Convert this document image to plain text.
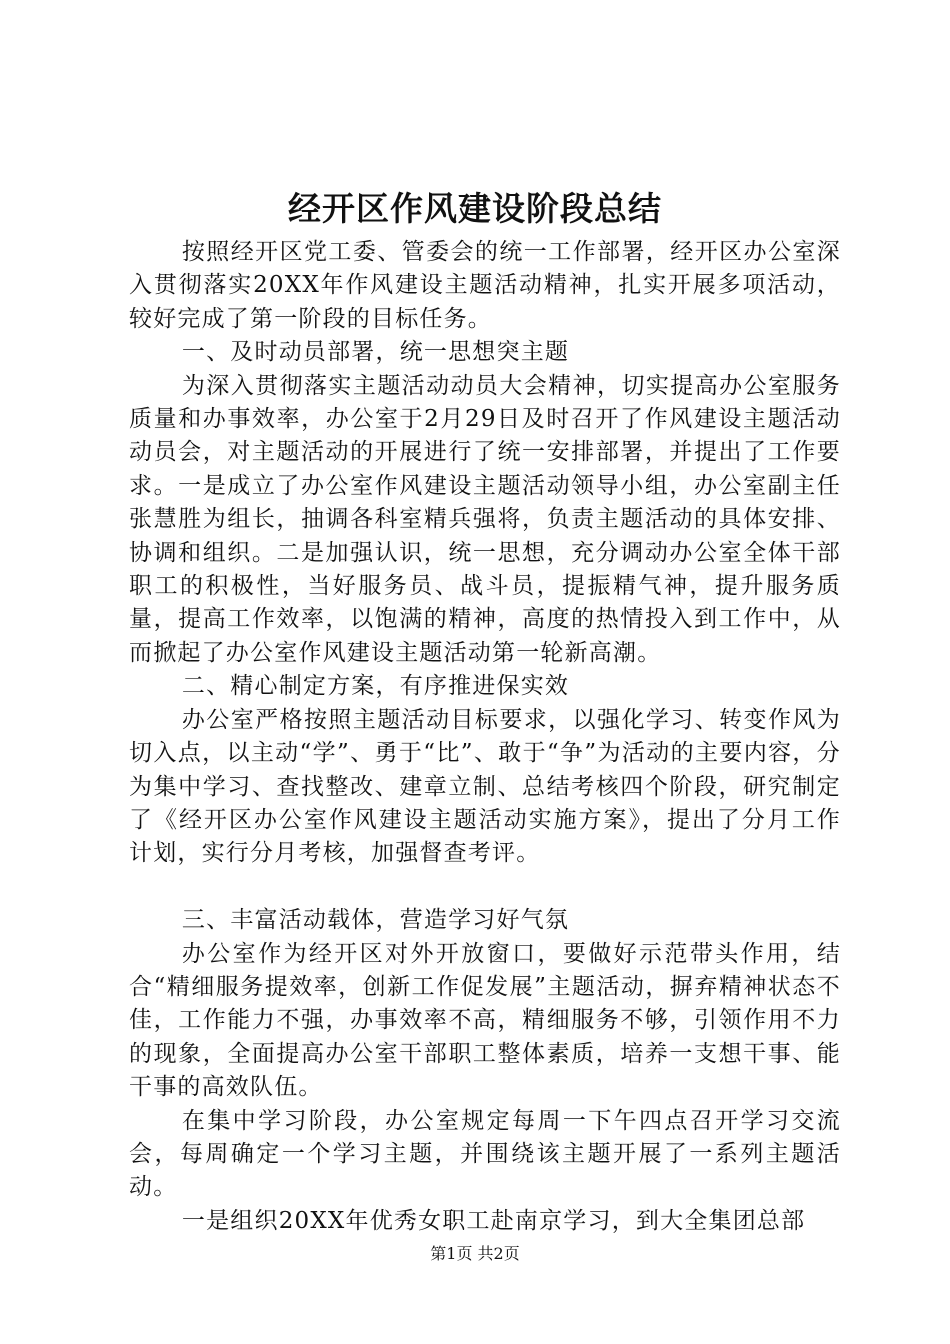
经开区作风建设阶段总结

按照经开区党工委、管委会的统一工作部署，经开区办公室深入贯彻落实20XX年作风建设主题活动精神，扎实开展多项活动，较好完成了第一阶段的目标任务。

一、及时动员部署，统一思想突主题

为深入贯彻落实主题活动动员大会精神，切实提高办公室服务质量和办事效率，办公室于2月29日及时召开了作风建设主题活动动员会，对主题活动的开展进行了统一安排部署，并提出了工作要求。一是成立了办公室作风建设主题活动领导小组，办公室副主任张慧胜为组长，抽调各科室精兵强将，负责主题活动的具体安排、协调和组织。二是加强认识，统一思想，充分调动办公室全体干部职工的积极性，当好服务员、战斗员，提振精气神，提升服务质量，提高工作效率，以饱满的精神，高度的热情投入到工作中，从而掀起了办公室作风建设主题活动第一轮新高潮。

二、精心制定方案，有序推进保实效

办公室严格按照主题活动目标要求，以强化学习、转变作风为切入点，以主动“学”、勇于“比”、敢于“争”为活动的主要内容，分为集中学习、查找整改、建章立制、总结考核四个阶段，研究制定了《经开区办公室作风建设主题活动实施方案》，提出了分月工作计划，实行分月考核，加强督查考评。

三、丰富活动载体，营造学习好气氛

办公室作为经开区对外开放窗口，要做好示范带头作用，结合“精细服务提效率，创新工作促发展”主题活动，摒弃精神状态不佳，工作能力不强，办事效率不高，精细服务不够，引领作用不力的现象，全面提高办公室干部职工整体素质，培养一支想干事、能干事的高效队伍。

在集中学习阶段，办公室规定每周一下午四点召开学习交流会，每周确定一个学习主题，并围绕该主题开展了一系列主题活动。

一是组织20XX年优秀女职工赴南京学习，到大全集团总部

第1页 共2页
